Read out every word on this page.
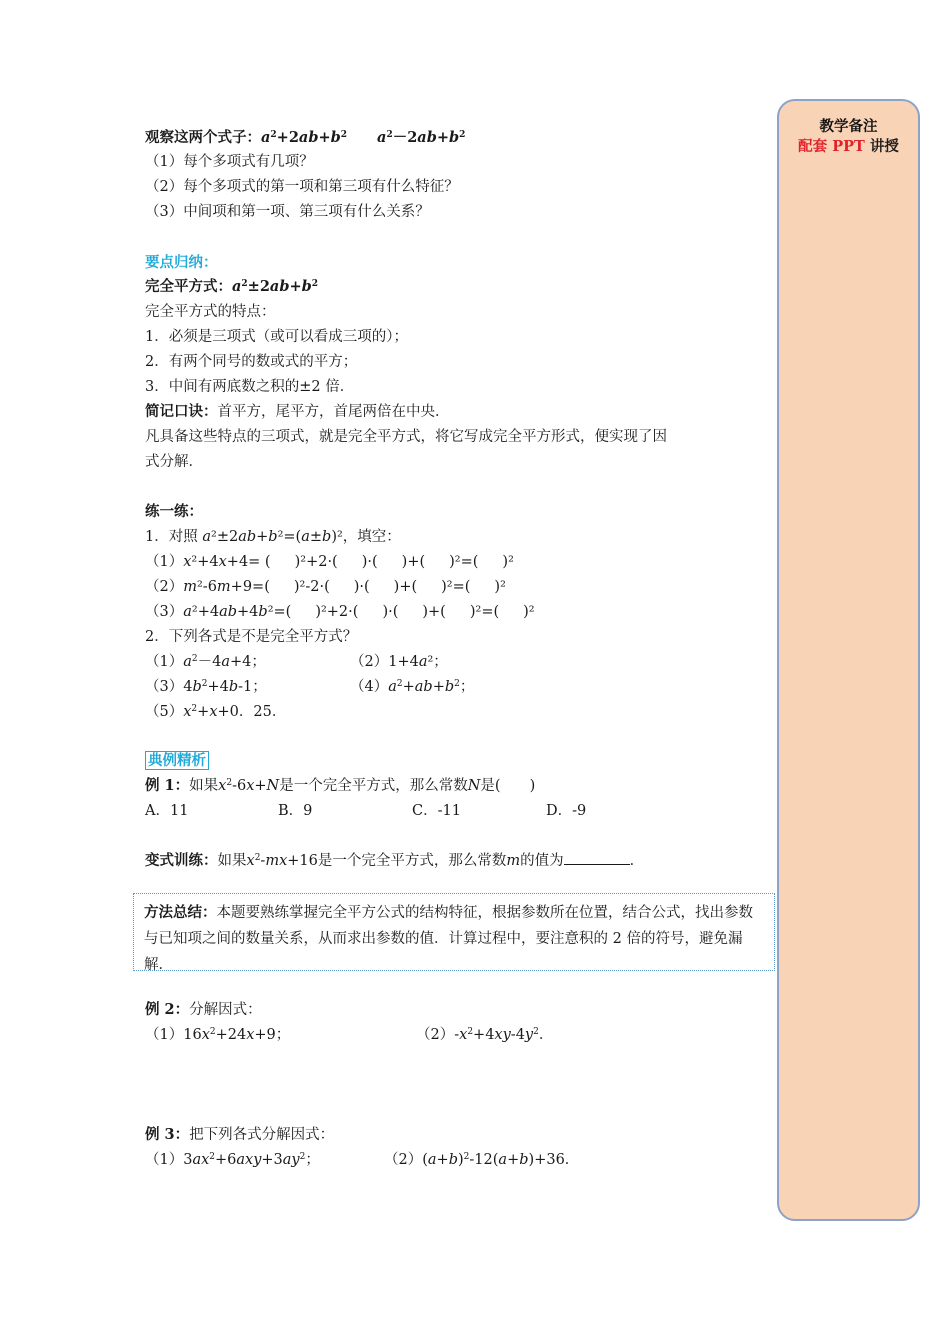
教学备注
配套 PPT 讲授
观察这两个式子：$a^2+2ab+b^2$ $a^2-2ab+b^2$
（1）每个多项式有几项？
（2）每个多项式的第一项和第三项有什么特征？
（3）中间项和第一项、第三项有什么关系？
要点归纳：
完全平方式：$a^2\pm 2ab+b^2$
完全平方式的特点：
1．必须是三项式（或可以看成三项的）；
2．有两个同号的数或式的平方；
3．中间有两底数之积的±2 倍．
简记口诀：首平方，尾平方，首尾两倍在中央．
凡具备这些特点的三项式，就是完全平方式，将它写成完全平方形式，便实现了因
式分解．
练一练：
1．对照 a²±2ab+b²=(a±b)²，填空：
（1）x²+4x+4= ( )²+2·( )·( )+( )²=( )²
（2）m²-6m+9=( )²-2·( )·( )+( )²=( )²
（3）a²+4ab+4b²=( )²+2·( )·( )+( )²=( )²
2．下列各式是不是完全平方式？
$(1)a^2-4a+4$；	（2）1+4a²；
$(3)4b^2+4b-1$；	$(4)a^2+ab+b^2$；
$(5)x^2+x+0$．25．
典例精析
例 1：如果$x^2-6x+N$是一个完全平方式，那么常数N是(　　)
A．11	B．9	C．-11	D．-9
变式训练：如果$x^2-mx+16$是一个完全平方式，那么常数m的值为	．
方法总结：本题要熟练掌握完全平方公式的结构特征，根据参数所在位置，结合公式，找出参数与已知项之间的数量关系，从而求出参数的值．计算过程中，要注意积的 2 倍的符号，避免漏解．
例 2：分解因式：
$(1)16x^2+24x+9$；	$(2)-x^2+4xy-4y^2$．
例 3：把下列各式分解因式：
$(1)3ax^2+6axy+3ay^2$；	$(2)(a+b)^2-12(a+b)+36$．
